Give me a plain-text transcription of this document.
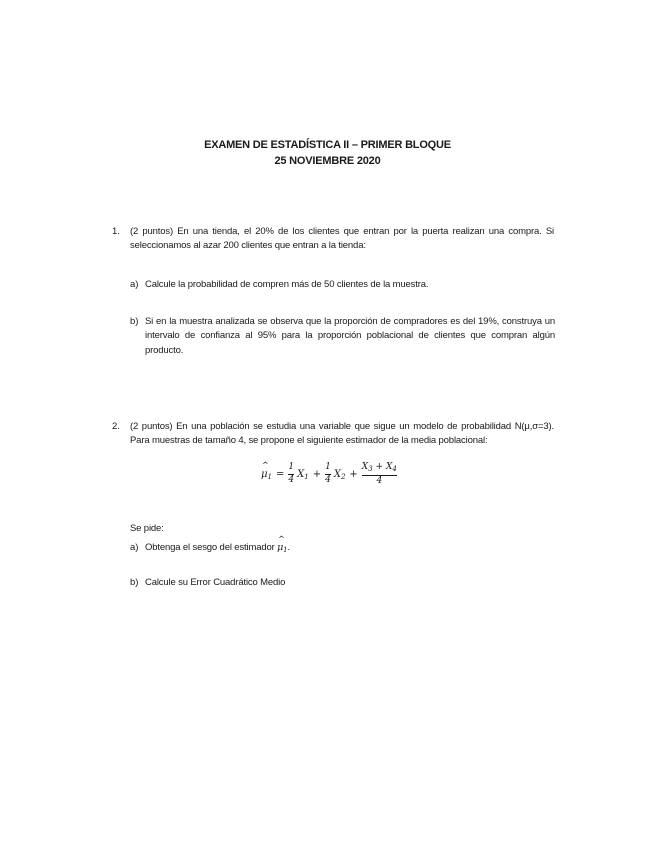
EXAMEN DE ESTADÍSTICA II – PRIMER BLOQUE
25 NOVIEMBRE 2020
1.	(2 puntos) En una tienda, el 20% de los clientes que entran por la puerta realizan una compra. Si seleccionamos al azar 200 clientes que entran a la tienda:
a) Calcule la probabilidad de compren más de 50 clientes de la muestra.
b) Si en la muestra analizada se observa que la proporción de compradores es del 19%, construya un intervalo de confianza al 95% para la proporción poblacional de clientes que compran algún producto.
2.	(2 puntos) En una población se estudia una variable que sigue un modelo de probabilidad N(μ,σ=3). Para muestras de tamaño 4, se propone el siguiente estimador de la media poblacional:
^ $\mu_1 = \frac{1}{4} X_1 + \frac{1}{4} X_2 + \frac{X_3 + X_4}{4}$
Se pide:
a) Obtenga el sesgo del estimador ^ $\mu_1$.
b) Calcule su Error Cuadrático Medio
